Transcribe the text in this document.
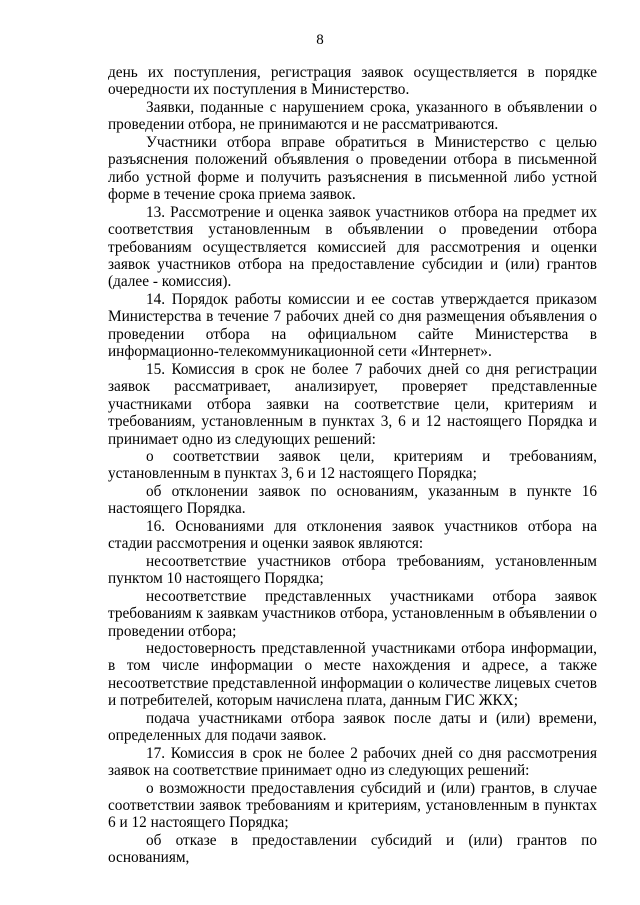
8

день их поступления, регистрация заявок осуществляется в порядке очередности их поступления в Министерство.

Заявки, поданные с нарушением срока, указанного в объявлении о проведении отбора, не принимаются и не рассматриваются.

Участники отбора вправе обратиться в Министерство с целью разъяснения положений объявления о проведении отбора в письменной либо устной форме и получить разъяснения в письменной либо устной форме в течение срока приема заявок.

13. Рассмотрение и оценка заявок участников отбора на предмет их соответствия установленным в объявлении о проведении отбора требованиям осуществляется комиссией для рассмотрения и оценки заявок участников отбора на предоставление субсидии и (или) грантов (далее - комиссия).

14. Порядок работы комиссии и ее состав утверждается приказом Министерства в течение 7 рабочих дней со дня размещения объявления о проведении отбора на официальном сайте Министерства в информационно-телекоммуникационной сети «Интернет».

15. Комиссия в срок не более 7 рабочих дней со дня регистрации заявок рассматривает, анализирует, проверяет представленные участниками отбора заявки на соответствие цели, критериям и требованиям, установленным в пунктах 3, 6 и 12 настоящего Порядка и принимает одно из следующих решений:

о соответствии заявок цели, критериям и требованиям, установленным в пунктах 3, 6 и 12 настоящего Порядка;

об отклонении заявок по основаниям, указанным в пункте 16 настоящего Порядка.

16. Основаниями для отклонения заявок участников отбора на стадии рассмотрения и оценки заявок являются:

несоответствие участников отбора требованиям, установленным пунктом 10 настоящего Порядка;

несоответствие представленных участниками отбора заявок требованиям к заявкам участников отбора, установленным в объявлении о проведении отбора;

недостоверность представленной участниками отбора информации, в том числе информации о месте нахождения и адресе, а также несоответствие представленной информации о количестве лицевых счетов и потребителей, которым начислена плата, данным ГИС ЖКХ;

подача участниками отбора заявок после даты и (или) времени, определенных для подачи заявок.

17. Комиссия в срок не более 2 рабочих дней со дня рассмотрения заявок на соответствие принимает одно из следующих решений:

о возможности предоставления субсидий и (или) грантов, в случае соответствии заявок требованиям и критериям, установленным в пунктах 6 и 12 настоящего Порядка;

об отказе в предоставлении субсидий и (или) грантов по основаниям,
